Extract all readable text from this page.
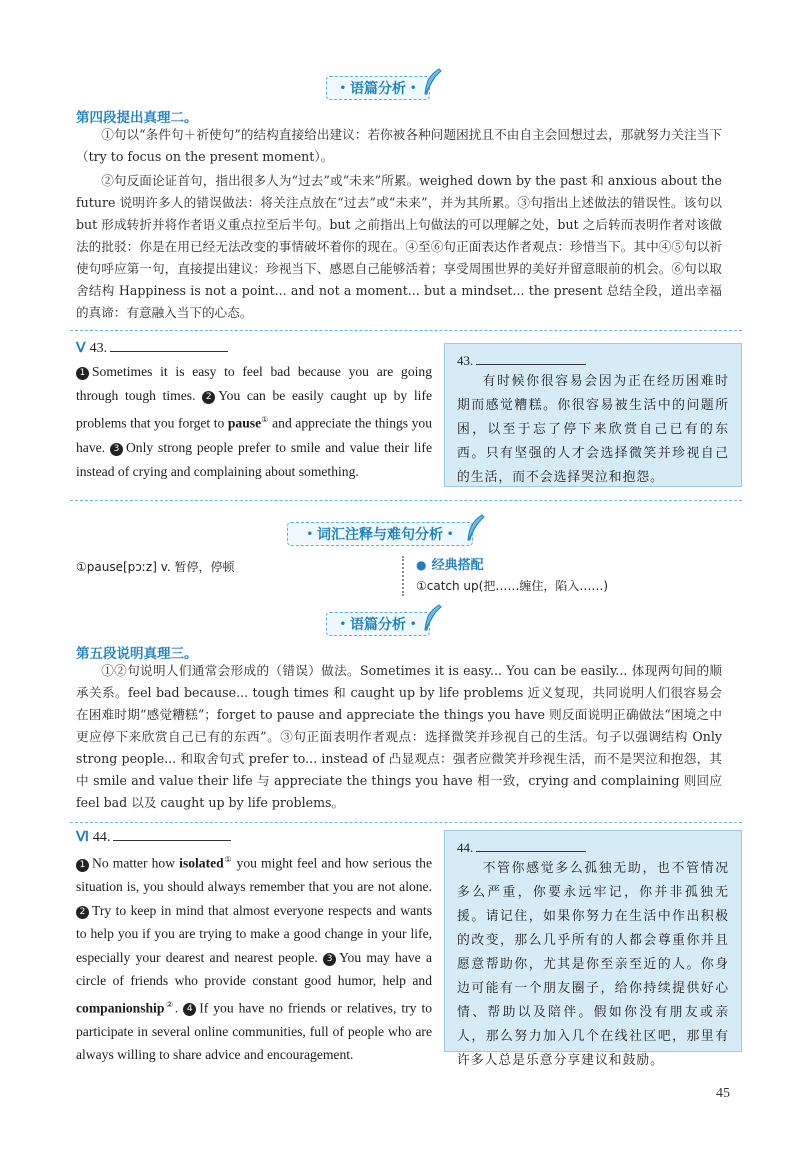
• 语篇分析 •
第四段提出真理二。
①句以“条件句＋祈使句”的结构直接给出建议：若你被各种问题困扰且不由自主会回想过去，那就努力关注当下（try to focus on the present moment）。
②句反面论证首句，指出很多人为“过去”或“未来”所累。weighed down by the past 和 anxious about the future 说明许多人的错误做法：将关注点放在“过去”或“未来”，并为其所累。③句指出上述做法的错误性。该句以 but 形成转折并将作者语义重点拉至后半句。but 之前指出上句做法的可以理解之处，but 之后转而表明作者对该做法的批驳：你是在用已经无法改变的事情破坏着你的现在。④至⑥句正面表达作者观点：珍惜当下。其中④⑤句以祈使句呼应第一句，直接提出建议：珍视当下、感恩自己能够活着；享受周围世界的美好并留意眼前的机会。⑥句以取舍结构 Happiness is not a point... and not a moment... but a mindset... the present 总结全段，道出幸福的真谛：有意融入当下的心态。
Ⅴ 43.
1 Sometimes it is easy to feel bad because you are going through tough times. 2 You can be easily caught up by life problems that you forget to pause① and appreciate the things you have. 3 Only strong people prefer to smile and value their life instead of crying and complaining about something.
43.
有时候你很容易会因为正在经历困难时期而感觉糟糕。你很容易被生活中的问题所困，以至于忘了停下来欣赏自己已有的东西。只有坚强的人才会选择微笑并珍视自己的生活，而不会选择哭泣和抱怨。
• 词汇注释与难句分析 •
①pause[pɔːz] v. 暂停，停顿	● 经典搭配
①catch up(把……缠住，陷入……)
• 语篇分析 •
第五段说明真理三。
①②句说明人们通常会形成的（错误）做法。Sometimes it is easy... You can be easily... 体现两句间的顺承关系。feel bad because... tough times 和 caught up by life problems 近义复现，共同说明人们很容易会在困难时期“感觉糟糕”；forget to pause and appreciate the things you have 则反面说明正确做法“困境之中更应停下来欣赏自己已有的东西”。③句正面表明作者观点：选择微笑并珍视自己的生活。句子以强调结构 Only strong people... 和取舍句式 prefer to... instead of 凸显观点：强者应微笑并珍视生活，而不是哭泣和抱怨，其中 smile and value their life 与 appreciate the things you have 相一致，crying and complaining 则回应 feel bad 以及 caught up by life problems。
Ⅵ 44.
1 No matter how isolated① you might feel and how serious the situation is, you should always remember that you are not alone. 2 Try to keep in mind that almost everyone respects and wants to help you if you are trying to make a good change in your life, especially your dearest and nearest people. 3 You may have a circle of friends who provide constant good humor, help and companionship②. 4 If you have no friends or relatives, try to participate in several online communities, full of people who are always willing to share advice and encouragement.
44.
不管你感觉多么孤独无助，也不管情况多么严重，你要永远牢记，你并非孤独无援。请记住，如果你努力在生活中作出积极的改变，那么几乎所有的人都会尊重你并且愿意帮助你，尤其是你至亲至近的人。你身边可能有一个朋友圈子，给你持续提供好心情、帮助以及陪伴。假如你没有朋友或亲人，那么努力加入几个在线社区吧，那里有许多人总是乐意分享建议和鼓励。
45
